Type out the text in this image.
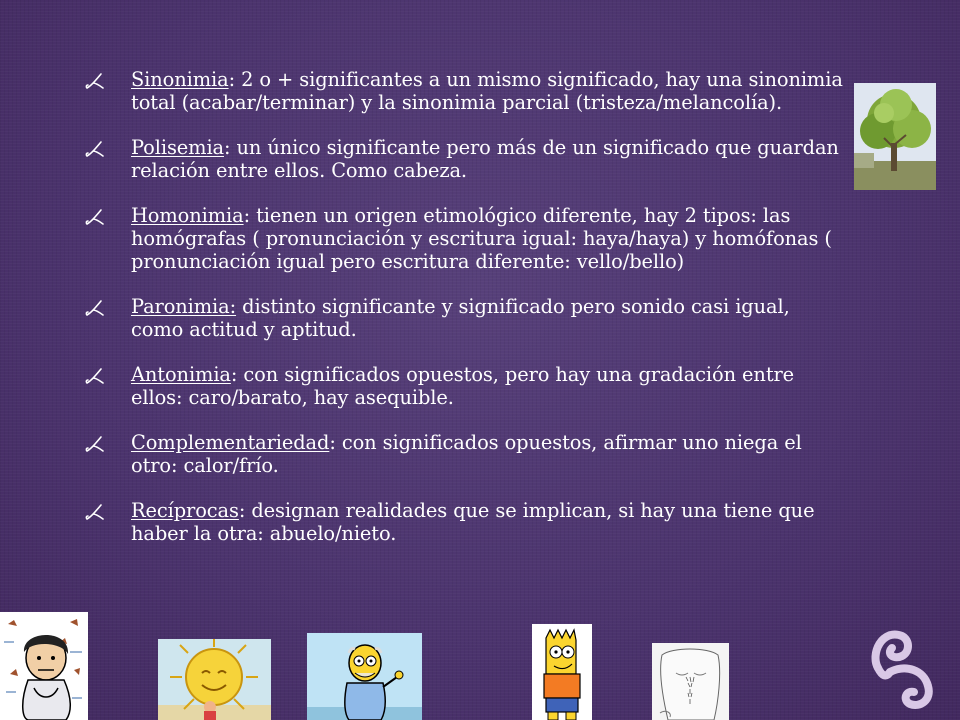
Sinonimia: 2 o + significantes a un mismo significado, hay una sinonimia total (acabar/terminar) y la sinonimia parcial (tristeza/melancolía).
Polisemia: un único significante pero más de un significado que guardan relación entre ellos. Como cabeza.
Homonimia: tienen un origen etimológico diferente, hay 2 tipos: las homógrafas ( pronunciación y escritura igual: haya/haya) y homófonas ( pronunciación igual pero escritura diferente: vello/bello)
Paronimia: distinto significante y significado pero sonido casi igual, como actitud y aptitud.
Antonimia: con significados opuestos, pero hay una gradación entre ellos: caro/barato, hay asequible.
Complementariedad: con significados opuestos, afirmar uno niega el otro: calor/frío.
Recíprocas: designan realidades que se implican, si hay una tiene que haber la otra: abuelo/nieto.
